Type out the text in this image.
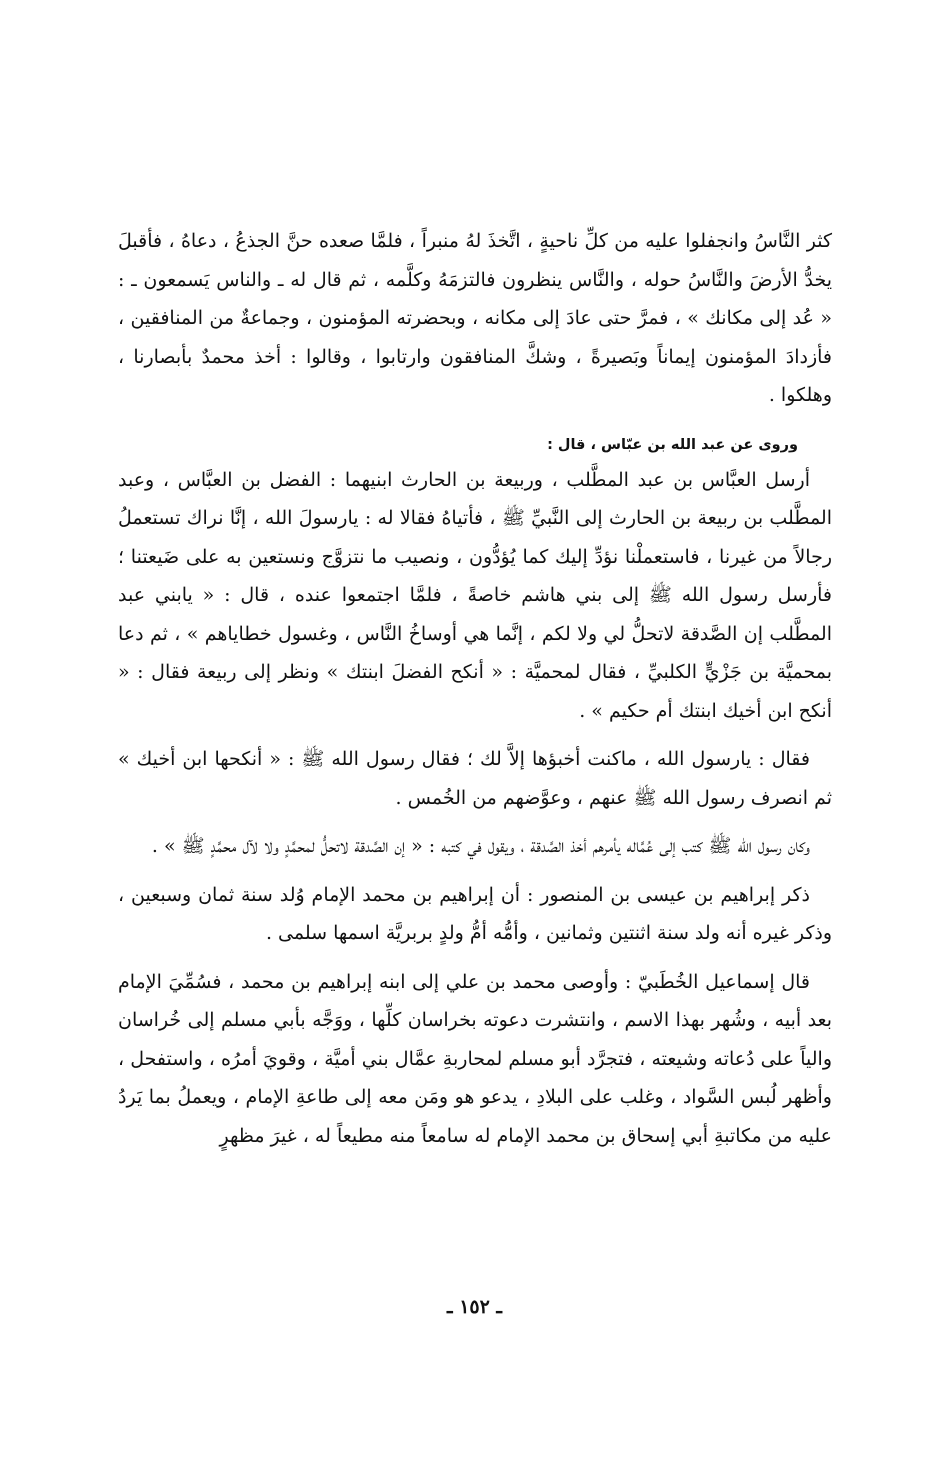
كثر النَّاسُ وانجفلوا عليه من كلِّ ناحيةٍ ، اتَّخذَ لهُ منبراً ، فلمَّا صعده حنَّ الجذعُ ، دعاهُ ، فأقبلَ يخدُّ الأرضَ والنَّاسُ حوله ، والنَّاس ينظرون فالتزمَهُ وكلَّمه ، ثم قال له ـ والناس يَسمعون ـ : « عُد إلى مكانك » ، فمرَّ حتى عادَ إلى مكانه ، وبحضرته المؤمنون ، وجماعةٌ من المنافقين ، فأزدادَ المؤمنون إيماناً وبَصيرةً ، وشكَّ المنافقون وارتابوا ، وقالوا : أخذ محمدٌ بأبصارنا ، وهلكوا .

وروى عن عبد الله بن عبّاس ، قال :

أرسل العبَّاس بن عبد المطَّلب ، وربيعة بن الحارث ابنيهما : الفضل بن العبَّاس ، وعبد المطَّلب بن ربيعة بن الحارث إلى النَّبيِّ ﷺ ، فأتياهُ فقالا له : يارسولَ الله ، إنَّا نراك تستعملُ رجالاً من غيرنا ، فاستعملْنا نؤدِّ إليك كما يُؤدُّون ، ونصيب ما نتزوَّج ونستعين به على ضَيعتنا ؛ فأرسل رسول الله ﷺ إلى بني هاشم خاصةً ، فلمَّا اجتمعوا عنده ، قال : « يابني عبد المطَّلب إن الصَّدقة لاتحلُّ لي ولا لكم ، إنَّما هي أوساخُ النَّاس ، وغسول خطاياهم » ، ثم دعا بمحميَّة بن جَزْيٍّ الكلبيِّ ، فقال لمحميَّة : « أنكح الفضلَ ابنتك » ونظر إلى ربيعة فقال : « أنكح ابن أخيك ابنتك أم حكيم » .

فقال : يارسول الله ، ماكنت أخبؤها إلاَّ لك ؛ فقال رسول الله ﷺ : « أنكحها ابن أخيك » ثم انصرف رسول الله ﷺ عنهم ، وعوَّضهم من الخُمس .

وكان رسول الله ﷺ كتب إلى عُمَّاله يأمرهم أخذ الصَّدقة ، ويقول في كتبه : « إن الصَّدقة لاتحلُّ لمحمَّدٍ ولا لآل محمَّدٍ ﷺ » .

ذكر إبراهيم بن عيسى بن المنصور : أن إبراهيم بن محمد الإمام وُلد سنة ثمان وسبعين ، وذكر غيره أنه ولد سنة اثنتين وثمانين ، وأمُّه أمُّ ولدٍ بربريَّة اسمها سلمى .

قال إسماعيل الخُطَبيّ : وأوصى محمد بن علي إلى ابنه إبراهيم بن محمد ، فسُمِّيَ الإمام بعد أبيه ، وشُهر بهذا الاسم ، وانتشرت دعوته بخراسان كلِّها ، ووَجَّه بأبي مسلم إلى خُراسان والياً على دُعاته وشيعته ، فتجرَّد أبو مسلم لمحاربةِ عمَّال بني أميَّة ، وقويَ أمرُه ، واستفحل ، وأظهر لُبس السَّواد ، وغلب على البلادِ ، يدعو هو ومَن معه إلى طاعةِ الإمام ، ويعملُ بما يَردُ عليه من مكاتبةِ أبي إسحاق بن محمد الإمام له سامعاً منه مطيعاً له ، غيرَ مظهرٍ

ـ ١٥٢ ـ
